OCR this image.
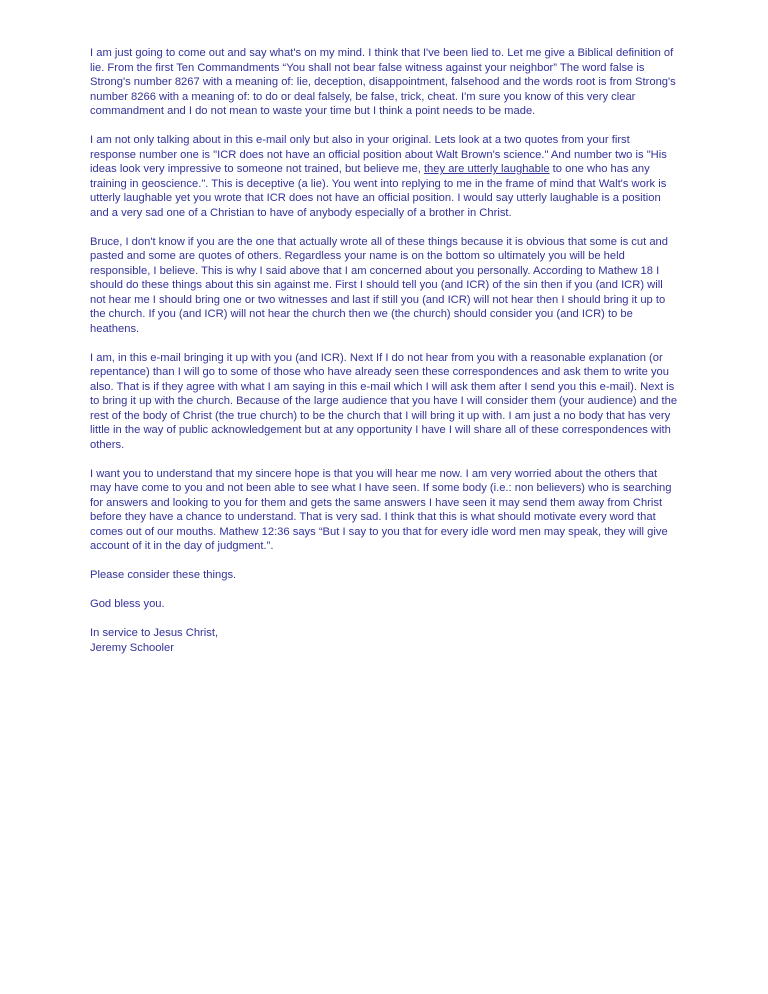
I am just going to come out and say what's on my mind. I think that I've been lied to. Let me give a Biblical definition of lie. From the first Ten Commandments “You shall not bear false witness against your neighbor” The word false is Strong's number 8267 with a meaning of: lie, deception, disappointment, falsehood and the words root is from Strong's number 8266 with a meaning of: to do or deal falsely, be false, trick, cheat. I'm sure you know of this very clear commandment and I do not mean to waste your time but I think a point needs to be made.

I am not only talking about in this e-mail only but also in your original. Lets look at a two quotes from your first response number one is "ICR does not have an official position about Walt Brown's science." And number two is "His ideas look very impressive to someone not trained, but believe me, they are utterly laughable to one who has any training in geoscience.". This is deceptive (a lie). You went into replying to me in the frame of mind that Walt's work is utterly laughable yet you wrote that ICR does not have an official position. I would say utterly laughable is a position and a very sad one of a Christian to have of anybody especially of a brother in Christ.

Bruce, I don't know if you are the one that actually wrote all of these things because it is obvious that some is cut and pasted and some are quotes of others. Regardless your name is on the bottom so ultimately you will be held responsible, I believe. This is why I said above that I am concerned about you personally. According to Mathew 18 I should do these things about this sin against me. First I should tell you (and ICR) of the sin then if you (and ICR) will not hear me I should bring one or two witnesses and last if still you (and ICR) will not hear then I should bring it up to the church. If you (and ICR) will not hear the church then we (the church) should consider you (and ICR) to be heathens.

I am, in this e-mail bringing it up with you (and ICR). Next If I do not hear from you with a reasonable explanation (or repentance) than I will go to some of those who have already seen these correspondences and ask them to write you also. That is if they agree with what I am saying in this e-mail which I will ask them after I send you this e-mail). Next is to bring it up with the church. Because of the large audience that you have I will consider them (your audience) and the rest of the body of Christ (the true church) to be the church that I will bring it up with. I am just a no body that has very little in the way of public acknowledgement but at any opportunity I have I will share all of these correspondences with others.

I want you to understand that my sincere hope is that you will hear me now. I am very worried about the others that may have come to you and not been able to see what I have seen. If some body (i.e.: non believers) who is searching for answers and looking to you for them and gets the same answers I have seen it may send them away from Christ before they have a chance to understand. That is very sad. I think that this is what should motivate every word that comes out of our mouths. Mathew 12:36 says “But I say to you that for every idle word men may speak, they will give account of it in the day of judgment.”.

Please consider these things.

God bless you.

In service to Jesus Christ,
Jeremy Schooler
